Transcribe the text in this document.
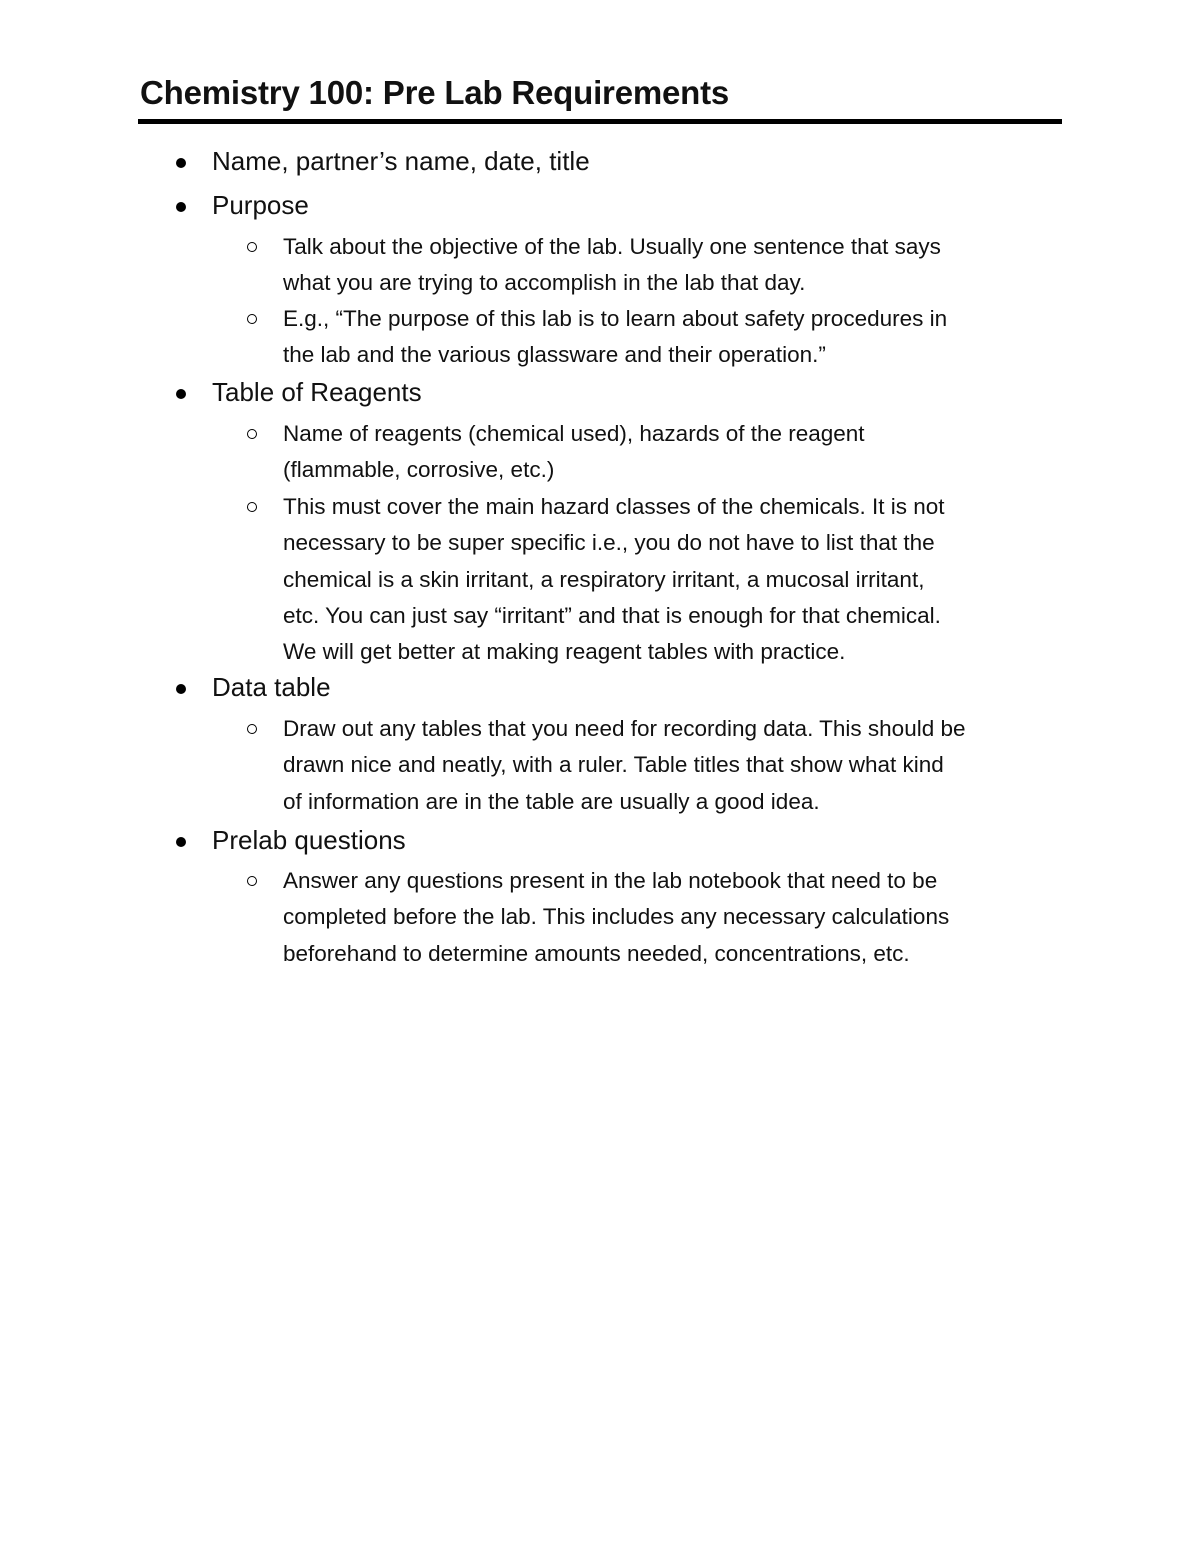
Chemistry 100: Pre Lab Requirements
Name, partner’s name, date, title
Purpose
Talk about the objective of the lab. Usually one sentence that says
what you are trying to accomplish in the lab that day.
E.g., “The purpose of this lab is to learn about safety procedures in
the lab and the various glassware and their operation.”
Table of Reagents
Name of reagents (chemical used), hazards of the reagent
(flammable, corrosive, etc.)
This must cover the main hazard classes of the chemicals. It is not
necessary to be super specific i.e., you do not have to list that the
chemical is a skin irritant, a respiratory irritant, a mucosal irritant,
etc. You can just say “irritant” and that is enough for that chemical.
We will get better at making reagent tables with practice.
Data table
Draw out any tables that you need for recording data. This should be
drawn nice and neatly, with a ruler. Table titles that show what kind
of information are in the table are usually a good idea.
Prelab questions
Answer any questions present in the lab notebook that need to be
completed before the lab. This includes any necessary calculations
beforehand to determine amounts needed, concentrations, etc.
